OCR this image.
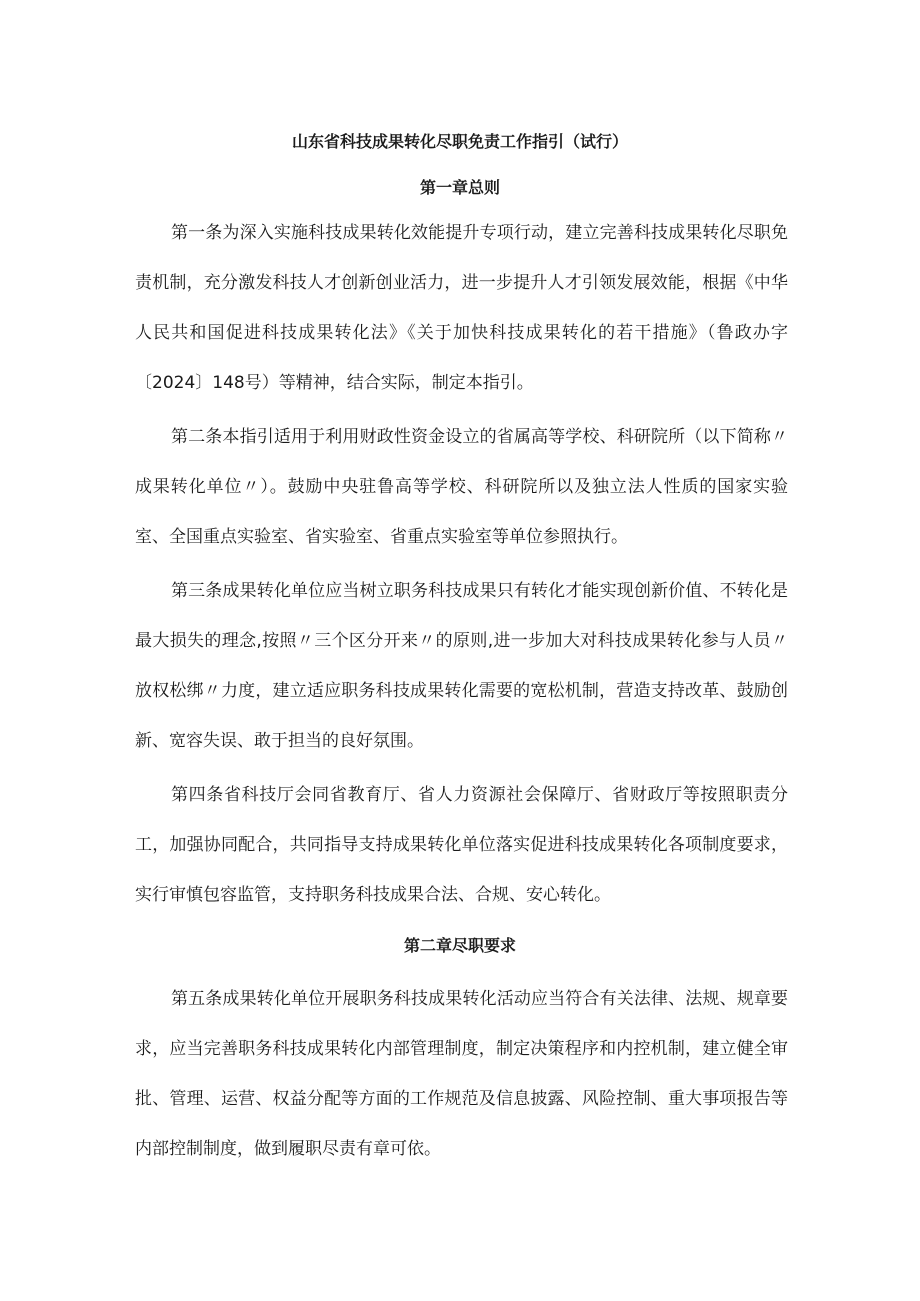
山东省科技成果转化尽职免责工作指引（试行）
第一章总则

第一条为深入实施科技成果转化效能提升专项行动，建立完善科技成果转化尽职免责机制，充分激发科技人才创新创业活力，进一步提升人才引领发展效能，根据《中华人民共和国促进科技成果转化法》《关于加快科技成果转化的若干措施》（鲁政办字〔2024〕148号）等精神，结合实际，制定本指引。

第二条本指引适用于利用财政性资金设立的省属高等学校、科研院所（以下简称〃成果转化单位〃）。鼓励中央驻鲁高等学校、科研院所以及独立法人性质的国家实验室、全国重点实验室、省实验室、省重点实验室等单位参照执行。

第三条成果转化单位应当树立职务科技成果只有转化才能实现创新价值、不转化是最大损失的理念,按照〃三个区分开来〃的原则,进一步加大对科技成果转化参与人员〃放权松绑〃力度，建立适应职务科技成果转化需要的宽松机制，营造支持改革、鼓励创新、宽容失误、敢于担当的良好氛围。

第四条省科技厅会同省教育厅、省人力资源社会保障厅、省财政厅等按照职责分工，加强协同配合，共同指导支持成果转化单位落实促进科技成果转化各项制度要求，实行审慎包容监管，支持职务科技成果合法、合规、安心转化。

第二章尽职要求

第五条成果转化单位开展职务科技成果转化活动应当符合有关法律、法规、规章要求，应当完善职务科技成果转化内部管理制度，制定决策程序和内控机制，建立健全审批、管理、运营、权益分配等方面的工作规范及信息披露、风险控制、重大事项报告等内部控制制度，做到履职尽责有章可依。
